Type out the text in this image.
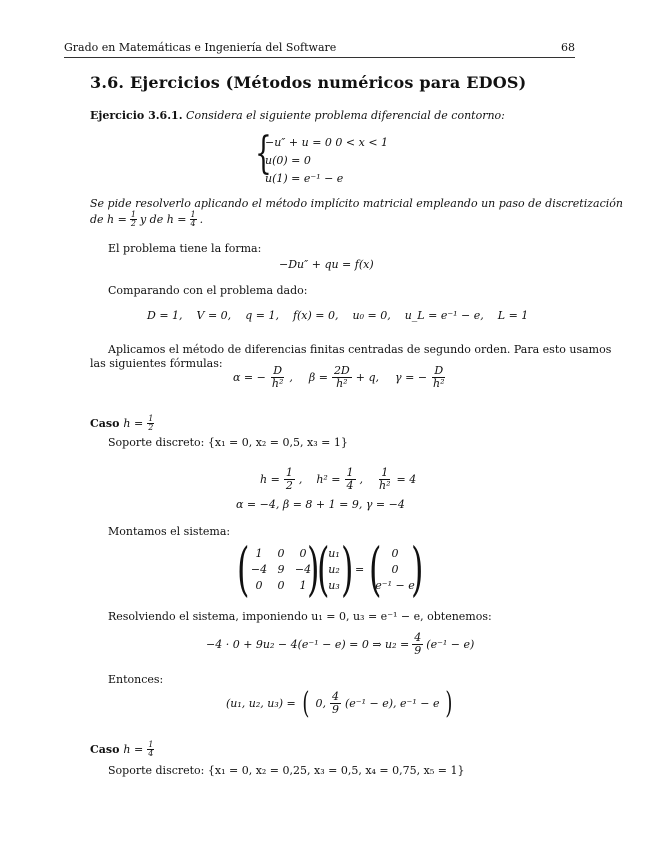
Grado en Matemáticas e Ingeniería del Software	68
3.6. Ejercicios (Métodos numéricos para EDOS)
Ejercicio 3.6.1. Considera el siguiente problema diferencial de contorno:
{
−u″ + u = 0 0 < x < 1
u(0) = 0
u(1) = e⁻¹ − e
Se pide resolverlo aplicando el método implícito matricial empleando un paso de discretización
de $h = \frac{1}{2}$ y de $h = \frac{1}{4}$ .
El problema tiene la forma:
−Du″ + qu = f(x)
Comparando con el problema dado:
D = 1, V = 0, q = 1, f(x) = 0, u₀ = 0, u_L = e⁻¹ − e, L = 1
Aplicamos el método de diferencias finitas centradas de segundo orden. Para esto usamos
las siguientes fórmulas:
α = − $\frac{D}{\text{h²}}$ , $\beta = \frac{2D}{\text{h²}} + q$, γ = − $\frac{D}{\text{h²}}$
Caso $h = \frac{1}{2}$
Soporte discreto: {x₁ = 0, x₂ = 0,5, x₃ = 1}
$h = \frac{1}{2}$ , $h^2 = \frac{1}{4}$ , $\frac{1}{\text{h²}} = 4$
α = −4, β = 8 + 1 = 9, γ = −4
Montamos el sistema:
( 1	0	0
−4 9 −4
0	0	1 )
(
u₁
u₂
u₃ ) = ( 0
0
e⁻¹ − e
)
Resolviendo el sistema, imponiendo u₁ = 0, u₃ = e⁻¹ − e, obtenemos:
−4 · 0 + 9u₂ − 4(e⁻¹ − e) = 0 ⇒ $u_2 = \frac{4}{9} (e^{-1} - e)$
Entonces:
(u₁, u₂, u₃) = ( 0, $\frac{4}{9} (e^{-1} - e)$, e⁻¹ − e )
Caso $h = \frac{1}{4}$
Soporte discreto: {x₁ = 0, x₂ = 0,25, x₃ = 0,5, x₄ = 0,75, x₅ = 1}
